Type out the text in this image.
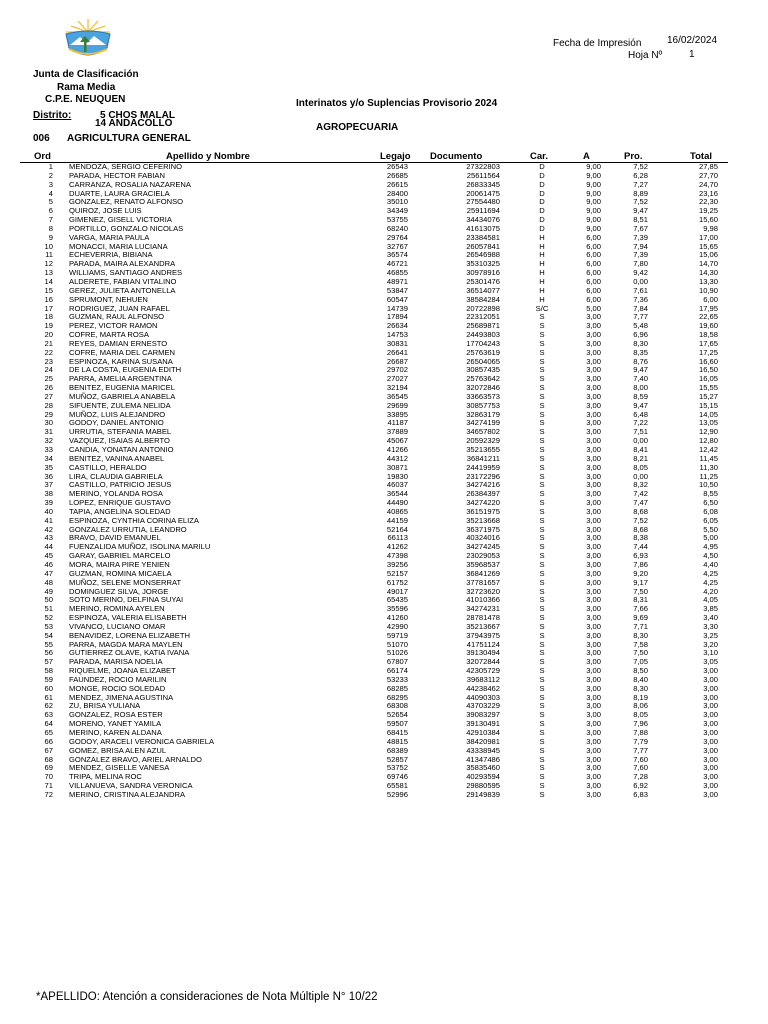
Junta de Clasificación
Rama Media
C.P.E. NEUQUEN
Distrito:	5 CHOS MALAL
14 ANDACOLLO
006 AGRICULTURA GENERAL
Interinatos y/o Suplencias Provisorio 2024
AGROPECUARIA
Fecha de Impresión	16/02/2024
Hoja Nº	1
Ord	Apellido y Nombre	Legajo Documento	Car.	A	Pro.	Total
1 MENDOZA, SERGIO CEFERINO	26543	27322803	D	9,00	7,52	27,85
2 PARADA, HECTOR FABIAN	26685	25611564	D	9,00	6,28	27,70
3 CARRANZA, ROSALIA NAZARENA	26615	26833345	D	9,00	7,27	24,70
4 DUARTE, LAURA GRACIELA	28400	20061475	D	9,00	8,89	23,16
5 GONZALEZ, RENATO ALFONSO	35010	27554480	D	9,00	7,52	22,30
6 QUIROZ, JOSE LUIS	34349	25911694	D	9,00	9,47	19,25
7 GIMENEZ, GISELL VICTORIA	53755	34434076	D	9,00	8,51	15,60
8 PORTILLO, GONZALO NICOLAS	68240	41613075	D	9,00	7,67	9,98
9 VARGA, MARIA PAULA	29764	23384581	H	6,00	7,39	17,00
10 MONACCI, MARIA LUCIANA	32767	26057841	H	6,00	7,94	15,65
11 ECHEVERRIA, BIBIANA	36574	26546988	H	6,00	7,39	15,06
12 PARADA, MAIRA ALEXANDRA	46721	35310325	H	6,00	7,80	14,70
13 WILLIAMS, SANTIAGO ANDRES	46855	30978916	H	6,00	9,42	14,30
14 ALDERETE, FABIAN VITALINO	48971	25301476	H	6,00	0,00	13,30
15 GEREZ, JULIETA ANTONELLA	53847	36514077	H	6,00	7,61	10,90
16 SPRUMONT, NEHUEN	60547	38584284	H	6,00	7,36	6,00
17 RODRIGUEZ, JUAN RAFAEL	14739	20722898	S/C	5,00	7,84	17,95
18 GUZMAN, RAUL ALFONSO	17894	22312051	S	3,00	7,77	22,65
19 PEREZ, VICTOR RAMON	26634	25689871	S	3,00	5,48	19,60
20 COFRE, MARTA ROSA	14753	24493803	S	3,00	6,96	18,58
21 REYES, DAMIAN ERNESTO	30831	17704243	S	3,00	8,30	17,65
22 COFRE, MARIA DEL CARMEN	26641	25763619	S	3,00	8,35	17,25
23 ESPINOZA, KARINA SUSANA	26687	26504065	S	3,00	8,76	16,60
24 DE LA COSTA, EUGENIA EDITH	29702	30857435	S	3,00	9,47	16,50
25 PARRA, AMELIA ARGENTINA	27027	25763642	S	3,00	7,40	16,05
26 BENITEZ, EUGENIA MARICEL	32194	32072846	S	3,00	8,00	15,55
27 MUÑOZ, GABRIELA ANABELA	36545	33663573	S	3,00	8,59	15,27
28 SIFUENTE, ZULEMA NELIDA	29699	30857753	S	3,00	9,47	15,15
29 MUÑOZ, LUIS ALEJANDRO	33895	32863179	S	3,00	6,48	14,05
30 GODOY, DANIEL ANTONIO	41187	34274199	S	3,00	7,22	13,05
31 URRUTIA, STEFANIA MABEL	37889	34657802	S	3,00	7,51	12,90
32 VAZQUEZ, ISAIAS ALBERTO	45067	20592329	S	3,00	0,00	12,80
33 CANDIA, YONATAN ANTONIO	41266	35213655	S	3,00	8,41	12,42
34 BENITEZ, VANINA ANABEL	44312	36841211	S	3,00	8,21	11,45
35 CASTILLO, HERALDO	30871	24419959	S	3,00	8,05	11,30
36 LIRA, CLAUDIA GABRIELA	19830	23172296	S	3,00	0,00	11,25
37 CASTILLO, PATRICIO JESUS	46037	34274216	S	3,00	8,32	10,50
38 MERINO, YOLANDA ROSA	36544	26384397	S	3,00	7,42	8,55
39 LOPEZ, ENRIQUE GUSTAVO	44490	34274220	S	3,00	7,47	6,50
40 TAPIA, ANGELINA SOLEDAD	40865	36151975	S	3,00	8,68	6,08
41 ESPINOZA, CYNTHIA CORINA ELIZA	44159	35213668	S	3,00	7,52	6,05
42 GONZALEZ URRUTIA, LEANDRO	52164	36371975	S	3,00	8,68	5,50
43 BRAVO, DAVID EMANUEL	66113	40324016	S	3,00	8,38	5,00
44 FUENZALIDA MUÑOZ, ISOLINA MARILU	41262	34274245	S	3,00	7,44	4,95
45 GARAY, GABRIEL MARCELO	47398	23029053	S	3,00	6,93	4,50
46 MORA, MAIRA PIRE YENIEN	39256	35968537	S	3,00	7,86	4,40
47 GUZMAN, ROMINA MICAELA	52157	36841269	S	3,00	9,20	4,25
48 MUÑOZ, SELENE MONSERRAT	61752	37781657	S	3,00	9,17	4,25
49 DOMINGUEZ SILVA, JORGE	49017	32723620	S	3,00	7,50	4,20
50 SOTO MERINO, DELFINA SUYAI	65435	41010366	S	3,00	8,31	4,05
51 MERINO, ROMINA AYELEN	35596	34274231	S	3,00	7,66	3,85
52 ESPINOZA, VALERIA ELISABETH	41260	28781478	S	3,00	9,69	3,40
53 VIVANCO, LUCIANO OMAR	42990	35213667	S	3,00	7,71	3,30
54 BENAVIDEZ, LORENA ELIZABETH	59719	37943975	S	3,00	8,30	3,25
55 PARRA, MAGDA MARA MAYLEN	51070	41751124	S	3,00	7,58	3,20
56 GUTIERREZ OLAVE, KATIA IVANA	51026	39130494	S	3,00	7,50	3,10
57 PARADA, MARISA NOELIA	67807	32072844	S	3,00	7,05	3,05
58 RIQUELME, JOANA ELIZABET	66174	42305729	S	3,00	8,50	3,00
59 FAUNDEZ, ROCIO MARILIN	53233	39683112	S	3,00	8,40	3,00
60 MONGE, ROCIO SOLEDAD	68285	44238462	S	3,00	8,30	3,00
61 MENDEZ, JIMENA AGUSTINA	68295	44090303	S	3,00	8,19	3,00
62 ZU, BRISA YULIANA	68308	43703229	S	3,00	8,06	3,00
63 GONZALEZ, ROSA ESTER	52654	39083297	S	3,00	8,05	3,00
64 MORENO, YANET YAMILA	59507	39130491	S	3,00	7,96	3,00
65 MERINO, KAREN ALDANA	68415	42910384	S	3,00	7,88	3,00
66 GODOY, ARACELI VERONICA GABRIELA	48815	38420981	S	3,00	7,79	3,00
67 GOMEZ, BRISA ALEN AZUL	68389	43338945	S	3,00	7,77	3,00
68 GONZALEZ BRAVO, ARIEL ARNALDO	52857	41347486	S	3,00	7,60	3,00
69 MENDEZ, GISELLE VANESA	53752	35835460	S	3,00	7,60	3,00
70 TRIPA, MELINA ROC	69746	40293594	S	3,00	7,28	3,00
71 VILLANUEVA, SANDRA VERONICA	65581	29880595	S	3,00	6,92	3,00
72 MERINO, CRISTINA ALEJANDRA	52996	29149839	S	3,00	6,83	3,00
*APELLIDO: Atención a consideraciones de Nota Múltiple N° 10/22
